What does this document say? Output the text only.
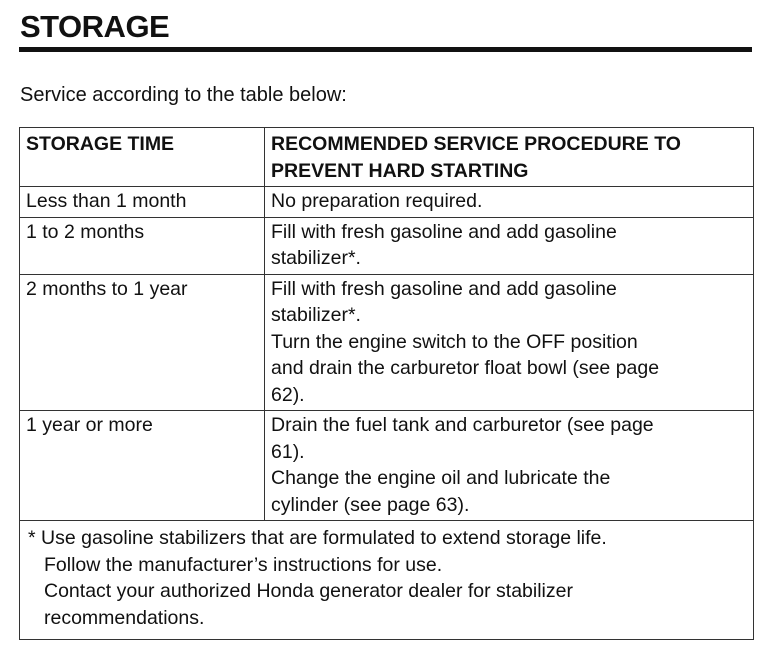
STORAGE
Service according to the table below:
STORAGE TIME	RECOMMENDED SERVICE PROCEDURE TO
PREVENT HARD STARTING

Less than 1 month	No preparation required.

1 to 2 months	Fill with fresh gasoline and add gasoline
stabilizer*.

2 months to 1 year	Fill with fresh gasoline and add gasoline
stabilizer*.
Turn the engine switch to the OFF position
and drain the carburetor float bowl (see page
62).

1 year or more	Drain the fuel tank and carburetor (see page
61).
Change the engine oil and lubricate the
cylinder (see page 63).

* Use gasoline stabilizers that are formulated to extend storage life.
Follow the manufacturer’s instructions for use.
Contact your authorized Honda generator dealer for stabilizer
recommendations.	
